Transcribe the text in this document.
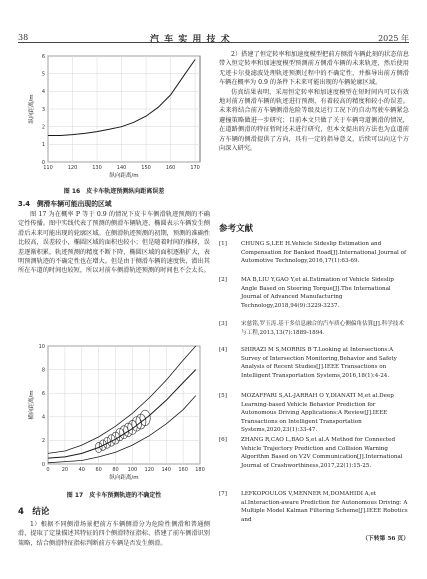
38	汽 车 实 用 技 术	2025 年
110	120	130	140	150	160	170
0
1
2
3
4
5
6
纵向距离/m
纵向距离/m
图 16　皮卡车轨迹预测纵向距离误差
3.4　侧滑车辆可能出现的区域

图 17 为在概率 P 等于 0.9 的情况下皮卡车侧滑轨迹预测的不确定性传播。图中实线代表了预测的侧滑车辆轨迹，椭圆表示车辆发生侧滑后未来可能出现的轮廓区域。在侧滑轨迹预测的初期，预测的准确性比较高，误差较小，椭圆区域的面积也较小；但是随着时间的推移，误差逐渐积累，轨迹预测的精度不断下降，椭圆区域的面积逐渐扩大，表明预测轨迹的不确定性也在增大。但是由于侧滑车辆的速度快，潜出其所在车道的时间也较短，所以对前车侧滑轨迹预测的时间也不会太长。

0 20 40 60 80 100 120 140 160 180
0
2
4
6
8
10
纵向距离/m
横向距离/m
图 17　皮卡车预测轨迹的不确定性
4　结论

1）根据不同侧滑场景把前方车辆侧滑分为危险性侧滑和普通侧滑，提取了定量描述其特征的四个侧滑特征指标，搭建了前车侧滑识别策略，结合侧滑特征指标判断前方车辆是否发生侧滑。

2）搭建了恒定转率和加速度模型把前方侧滑车辆此刻的状态信息带入恒定转率和加速度模型预测前方侧滑车辆的未来轨迹，然后使用无迹卡尔曼滤波处理轨迹预测过程中的不确定性，并推导出前方侧滑车辆在概率为 0.9 的条件下未来可能出现的车辆轮廓区域。

仿真结果表明，采用恒定转率和加速度模型在短时间内可以有效地对前方侧滑车辆的轨迹进行预测，有着较高的精度和较小的误差。未来将结合前方车辆侧滑危险等级及运行工况下的自动驾驶车辆紧急避撞策略做进一步研究；目前本文只做了关于车辆弯道侧滑的情况，在道路侧滑的特征暂时还未进行研究，但本文提出的方法也为直道前方车辆的侧滑提供了方向，具有一定的指导意义，后续可以向这个方向深入研究。

参考文献
[1]	CHUNG S,LEE H.Vehicle Sideslip Estimation and Compensation for Banked Road[J].International Journal of Automotive Technology,2016,17(1):63-69.
[2]	MA B,LIU Y,GAO Y,et al.Estimation of Vehicle Sideslip Angle Based on Steering Torque[J].The International Journal of Advanced Manufacturing Technology,2018,94(9):3229-3237.
[3]	宋慈铭,罗玉涛.基于多信息融合的汽车质心侧偏角估算[J].科学技术与工程,2013,13(7):1889-1894.
[4]	SHIRAZI M S,MORRIS B T.Looking at Intersections:A Survey of Intersection Monitoring,Behavior and Safety Analysis of Recent Studies[J].IEEE Transactions on Intelligent Transportation Systems,2016,18(1):4-24.
[5]	MOZAFFARI S,AL-JARRAH O Y,DIANATI M,et al.Deep Learning-based Vehicle Behavior Prediction for Autonomous Driving Applications:A Review[J].IEEE Transactions on Intelligent Transportation Systems,2020,23(1):33-47.
[6]	ZHANG R,CAO L,BAO S,et al.A Method for Connected Vehicle Trajectory Prediction and Collision Warning Algorithm Based on V2V Communication[J].International Journal of Crashworthiness,2017,22(1):15-25.
[7]	LEFKOPOULOS V,MENNER M,DOMAHIDI A,et al.Interaction-aware Prediction for Autonomous Driving: A Multiple Model Kalman Filtering Scheme[J].IEEE Robotics and
（下转第 56 页）
